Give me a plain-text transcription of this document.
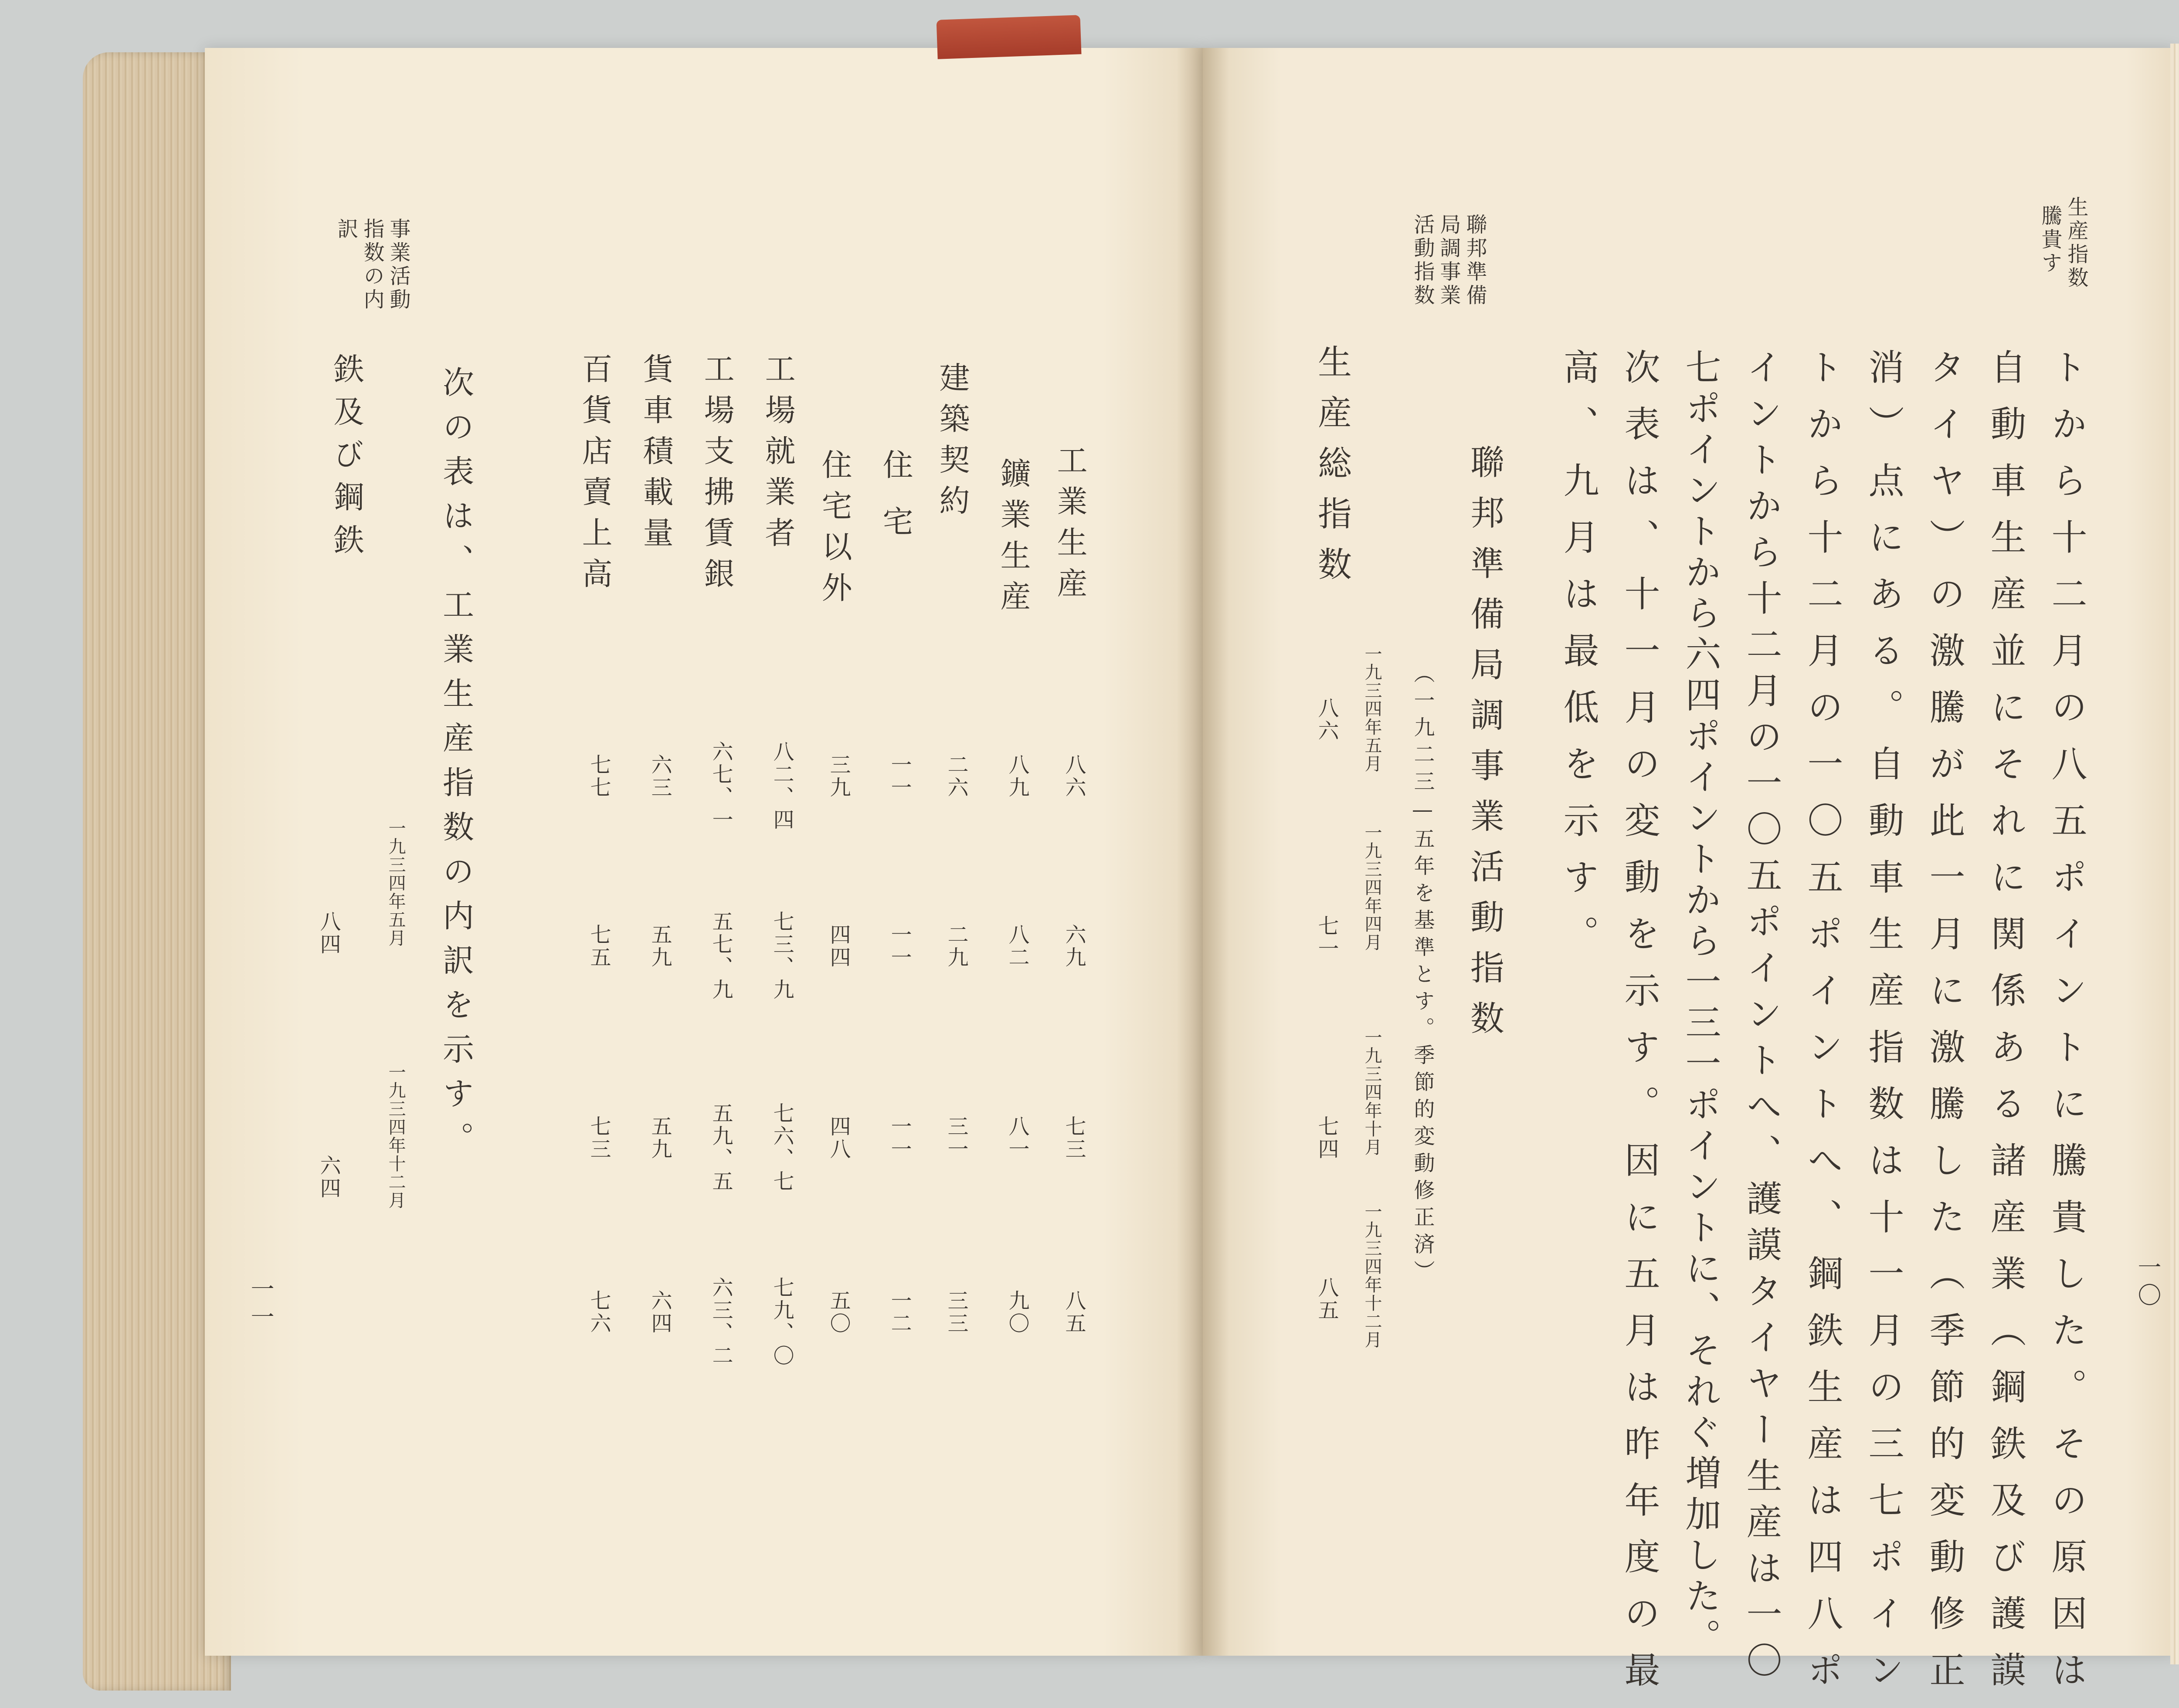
一〇
生産指数
騰貴す
トから十二月の八五ポイントに騰貴した。その原因は
自動車生産並にそれに関係ある諸産業（鋼鉄及び護謨
タイヤ）の激騰が此一月に激騰した（季節的変動修正
消）点にある。自動車生産指数は十一月の三七ポイン
トから十二月の一〇五ポイントへ、鋼鉄生産は四八ポ
イントから十二月の一〇五ポイントへ、護謨タイヤー生産は一〇
七ポイントから六四ポイントから一三一ポイントに、それぐ増加した。
次表は、十一月の変動を示す。因に五月は昨年度の最
高、九月は最低を示す。
聯邦準備
局調事業
活動指数
聯邦準備局調事業活動指数
（一九二三—五年を基準とす。季節的変動修正済）
一九三四年五月
一九三四年四月
一九三四年十月
一九三四年十二月
生産総指数
八六
七一
七四
八五
一一
事業活動
指数の内
訳
工業生産
八六
六九
七三
八五
鑛業生産
八九
八二
八一
九〇
建築契約
二六
二九
三一
三三
住宅
一一
一一
一一
一二
住宅以外
三九
四四
四八
五〇
工場就業者
八二、四
七三、九
七六、七
七九、〇
工場支拂賃銀
六七、一
五七、九
五九、五
六三、二
貨車積載量
六三
五九
五九
六四
百貨店賣上高
七七
七五
七三
七六
次の表は、工業生産指数の内訳を示す。
一九三四年五月
一九三四年十二月
鉄及び鋼鉄
八四
六四
